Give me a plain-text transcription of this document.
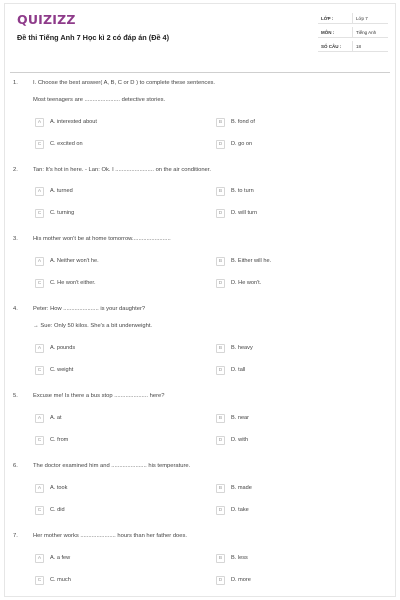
QUIZIZZ
Đề thi Tiếng Anh 7 Học kì 2 có đáp án (Đề 4)
LỚP :	Lớp 7
MÔN :	Tiếng Anh
SỐ CÂU :	18
1.	I. Choose the best answer( A, B, C or D ) to complete these sentences.
Most teenagers are ...................... detective stories.
A	A. interested about	B	B. fond of
C	C. excited on	D	D. go on
2.	Tan: It's hot in here. - Lan: Ok. I ........................ on the air conditioner.
A	A. turned	B	B. to turn
C	C. turning	D	D. will turn
3.	His mother won't be at home tomorrow........................
A	A. Neither won't he.	B	B. Either will he.
C	C. He won't either.	D	D. He won't.
4.	Peter: How ...................... is your daughter?
→ Sue: Only 50 kilos. She's a bit underweight.
A	A. pounds	B	B. heavy
C	C. weight	D	D. tall
5.	Excuse me! Is there a bus stop ..................... here?
A	A. at	B	B. near
C	C. from	D	D. with
6.	The doctor examined him and ...................... his temperature.
A	A. took	B	B. made
C	C. did	D	D. take
7.	Her mother works ...................... hours than her father does.
A	A. a few	B	B. less
C	C. much	D	D. more
